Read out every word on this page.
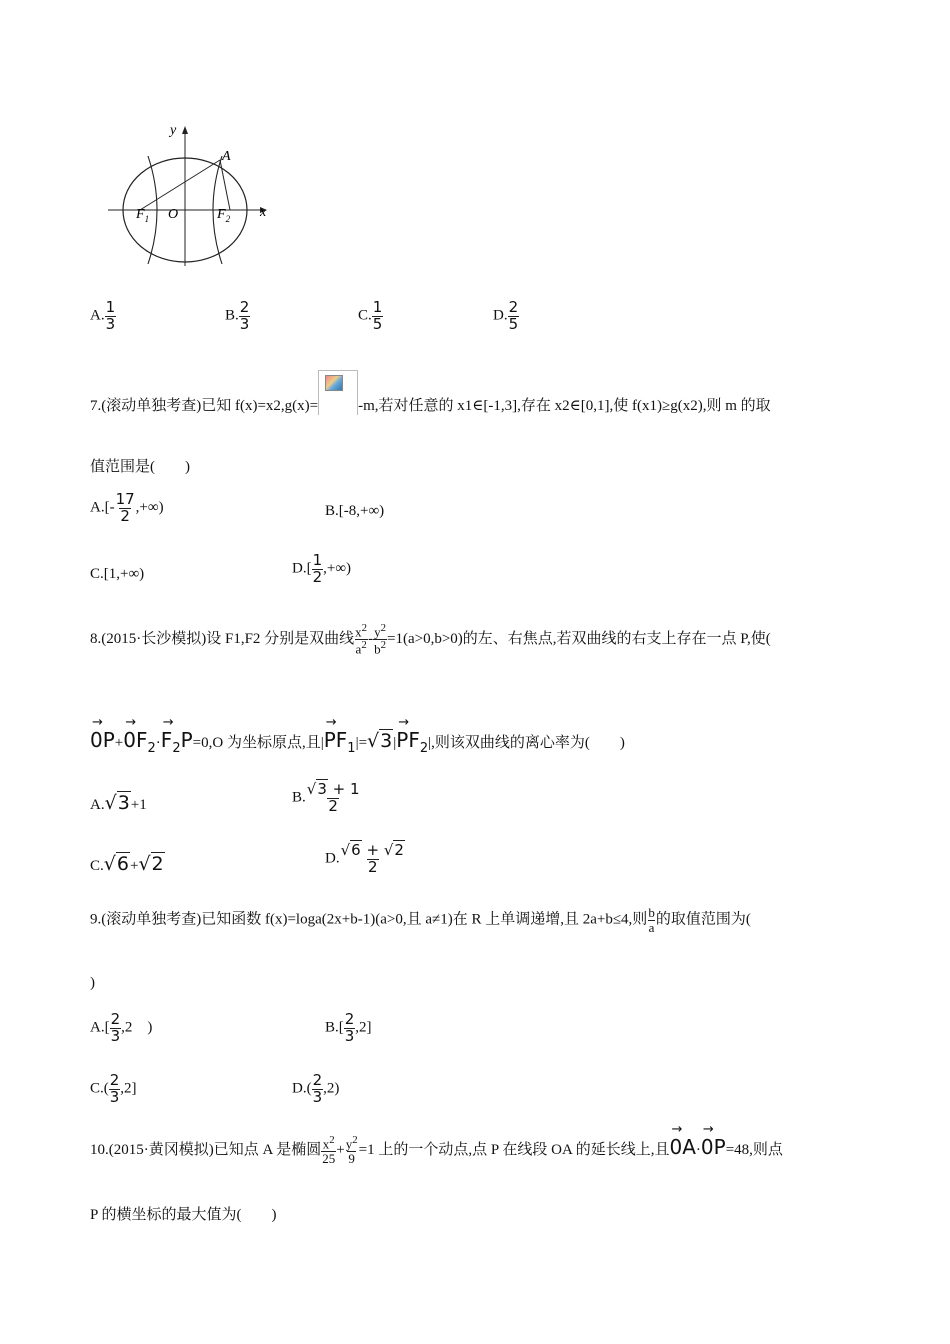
y
x
A
O
$F_1$	$F_2$
A. $\frac{1}{3}$	B. $\frac{2}{3}$	C. $\frac{1}{5}$	D. $\frac{2}{5}$
7.(滚动单独考查)已知 f(x)=x2,g(x)=	-m,若对任意的 x1∈[-1,3],存在 x2∈[0,1],使 f(x1)≥g(x2),则 m 的取
值范围是(　　)
$A.[- \frac{17}{2}$ ,+∞)	B.[-8,+∞)
C.[1,+∞)	$D.[ \frac{1}{2}$ ,+∞)
8.(2015·长沙模拟)设 F1,F2 分别是双曲线 $\frac{x^2}{a^2} - \frac{y^2}{b^2} =1(a>0,b>0)$的左、右焦点,若双曲线的右支上存在一点 P,使(
→
0P+
→
$0F_2\cdot$
→
$F_2P=0,O$ 为坐标原点,且|
→
$PF_1|=√3|$
→
$PF_2|$,则该双曲线的离心率为(　　)
A.√3+1	B. $\frac{√3 + 1}{2}$
C.√6+√2	D. $\frac{√6 + √2}{2}$
9.(滚动单独考查)已知函数 f(x)=loga(2x+b-1)(a>0,且 a≠1)在 R 上单调递增,且 2a+b≤4,则 $\frac{b}{a}$ 的取值范围为(
)
$A.[ \frac{2}{3} ,2$　)	$B.[ \frac{2}{3} ,2]$
$C.( \frac{2}{3} ,2]$	$D.( \frac{2}{3} ,2)$
10.(2015·黄冈模拟)已知点 A 是椭圆 $\frac{x^2}{25} + \frac{y^2}{9} =1$ 上的一个动点,点 P 在线段 OA 的延长线上,且
→
0A·
→
0P=48,则点
P 的横坐标的最大值为(　　)
